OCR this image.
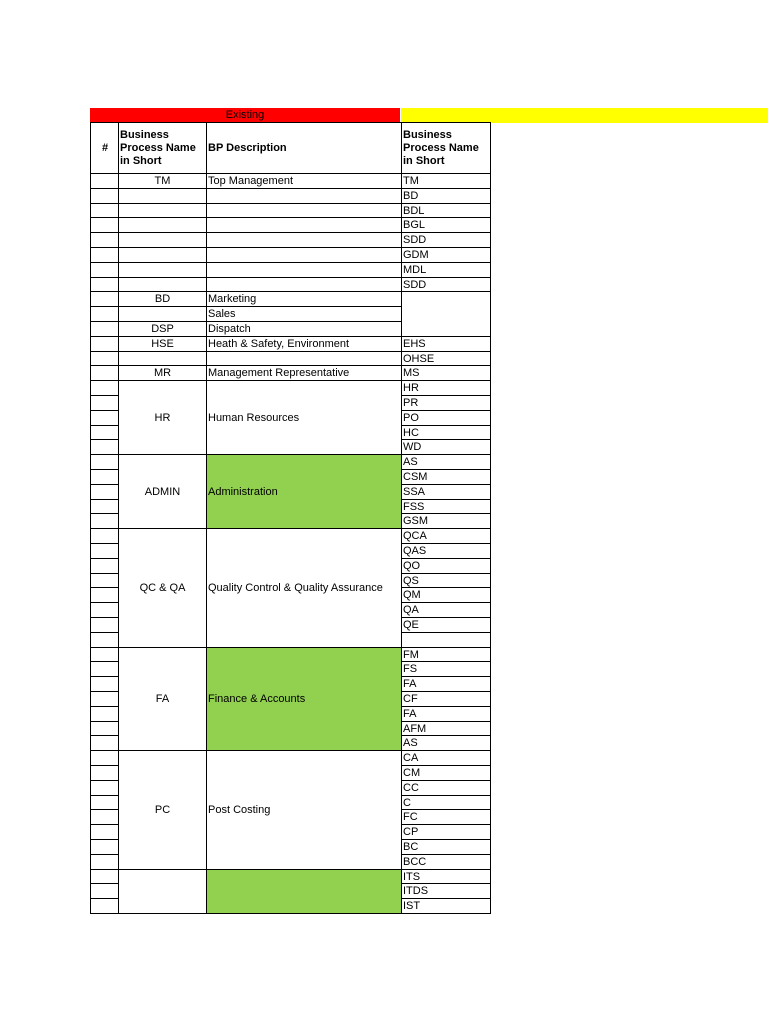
Existing
#
Business Process Name in Short
BP Description
Business Process Name in Short
TM
BD
DSP
HSE
MR
HR
ADMIN
QC & QA
FA
PC
Top Management
Marketing
Sales
Dispatch
Heath & Safety, Environment
Management Representative
Human Resources
Administration
Quality Control & Quality Assurance
Finance & Accounts
Post Costing
TM
BD
BDL
BGL
SDD
GDM
MDL
SDD
EHS
OHSE
MS
HR
PR
PO
HC
WD
AS
CSM
SSA
FSS
GSM
QCA
QAS
QO
QS
QM
QA
QE
FM
FS
FA
CF
FA
AFM
AS
CA
CM
CC
C
FC
CP
BC
BCC
ITS
ITDS
IST
